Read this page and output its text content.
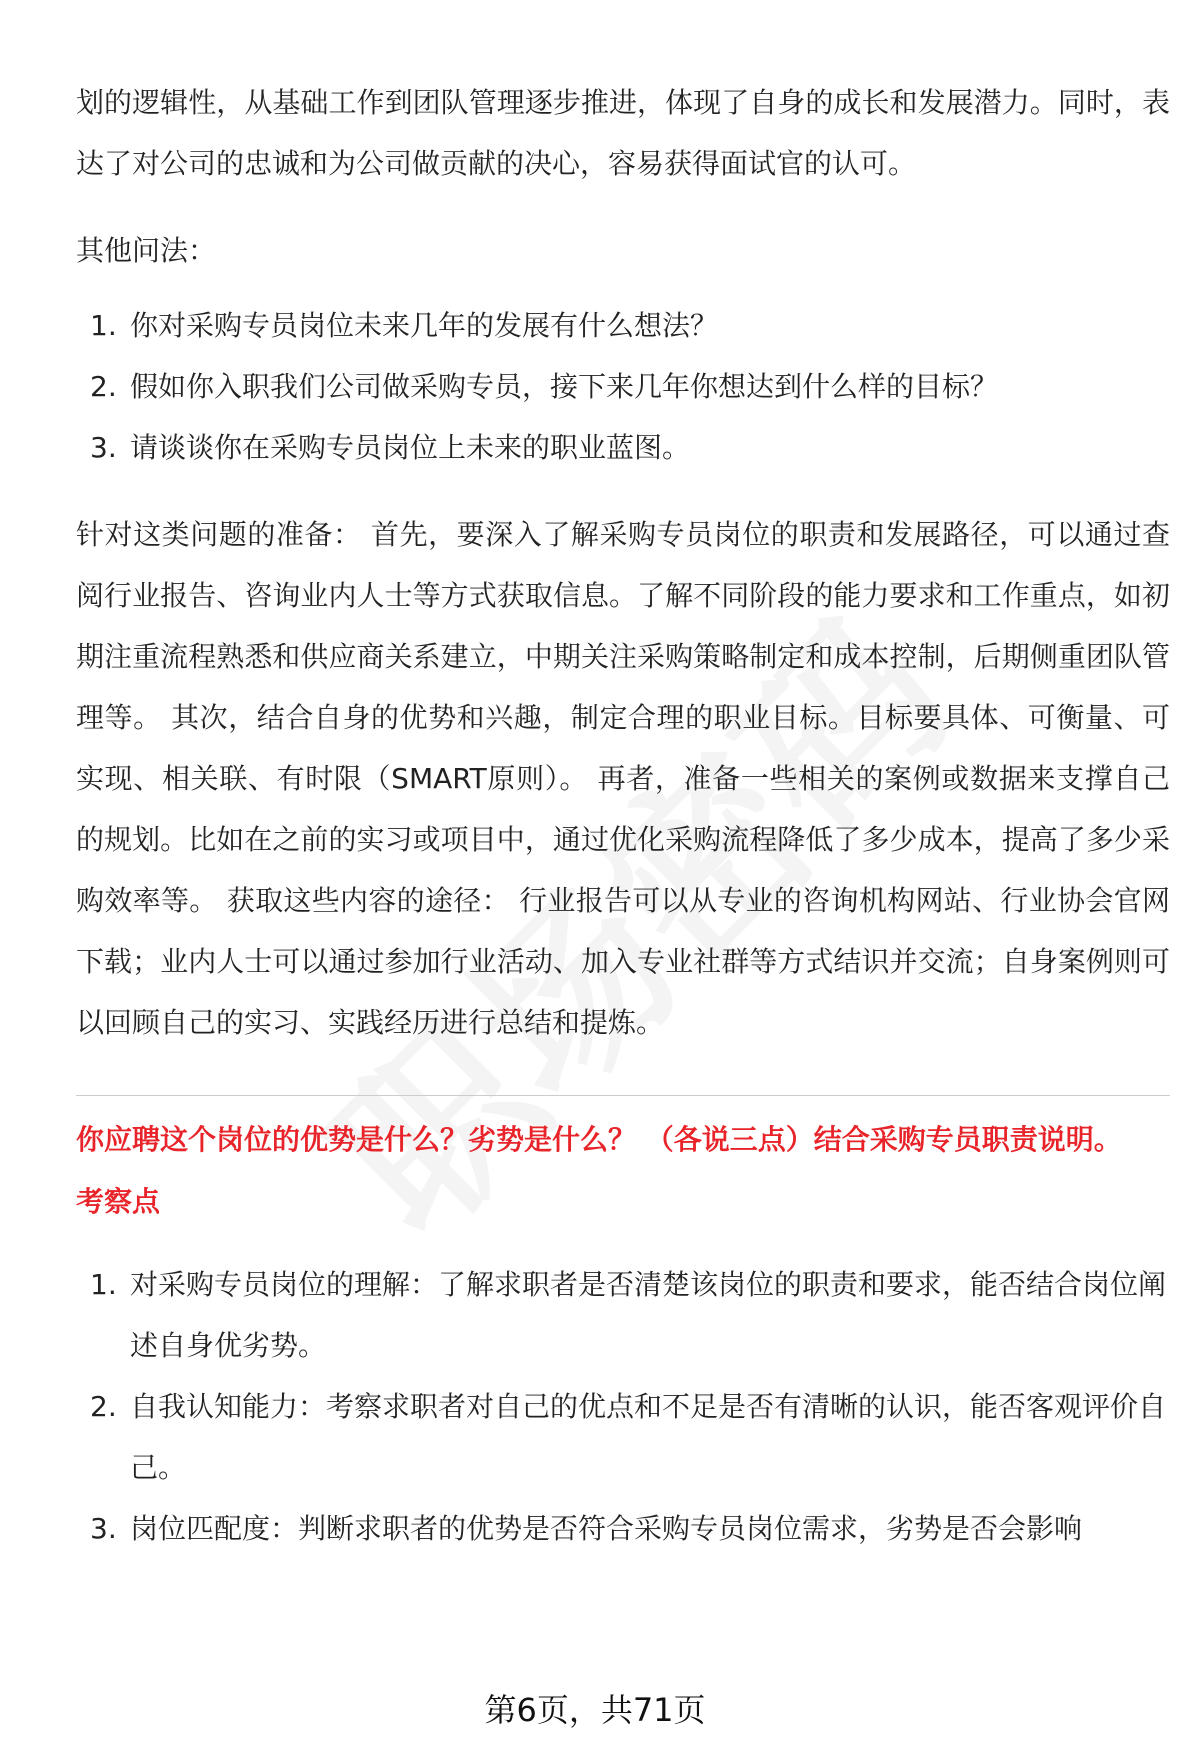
划的逻辑性，从基础工作到团队管理逐步推进，体现了自身的成长和发展潜力。同时，表达了对公司的忠诚和为公司做贡献的决心，容易获得面试官的认可。

其他问法：

1. 你对采购专员岗位未来几年的发展有什么想法？
2. 假如你入职我们公司做采购专员，接下来几年你想达到什么样的目标？
3. 请谈谈你在采购专员岗位上未来的职业蓝图。

针对这类问题的准备： 首先，要深入了解采购专员岗位的职责和发展路径，可以通过查阅行业报告、咨询业内人士等方式获取信息。了解不同阶段的能力要求和工作重点，如初期注重流程熟悉和供应商关系建立，中期关注采购策略制定和成本控制，后期侧重团队管理等。 其次，结合自身的优势和兴趣，制定合理的职业目标。目标要具体、可衡量、可实现、相关联、有时限（SMART原则）。 再者，准备一些相关的案例或数据来支撑自己的规划。比如在之前的实习或项目中，通过优化采购流程降低了多少成本，提高了多少采购效率等。 获取这些内容的途径： 行业报告可以从专业的咨询机构网站、行业协会官网下载；业内人士可以通过参加行业活动、加入专业社群等方式结识并交流；自身案例则可以回顾自己的实习、实践经历进行总结和提炼。

你应聘这个岗位的优势是什么？劣势是什么？ （各说三点）结合采购专员职责说明。

考察点

1. 对采购专员岗位的理解：了解求职者是否清楚该岗位的职责和要求，能否结合岗位阐述自身优劣势。
2. 自我认知能力：考察求职者对自己的优点和不足是否有清晰的认识，能否客观评价自己。
3. 岗位匹配度：判断求职者的优势是否符合采购专员岗位需求，劣势是否会影响
第6页，共71页
